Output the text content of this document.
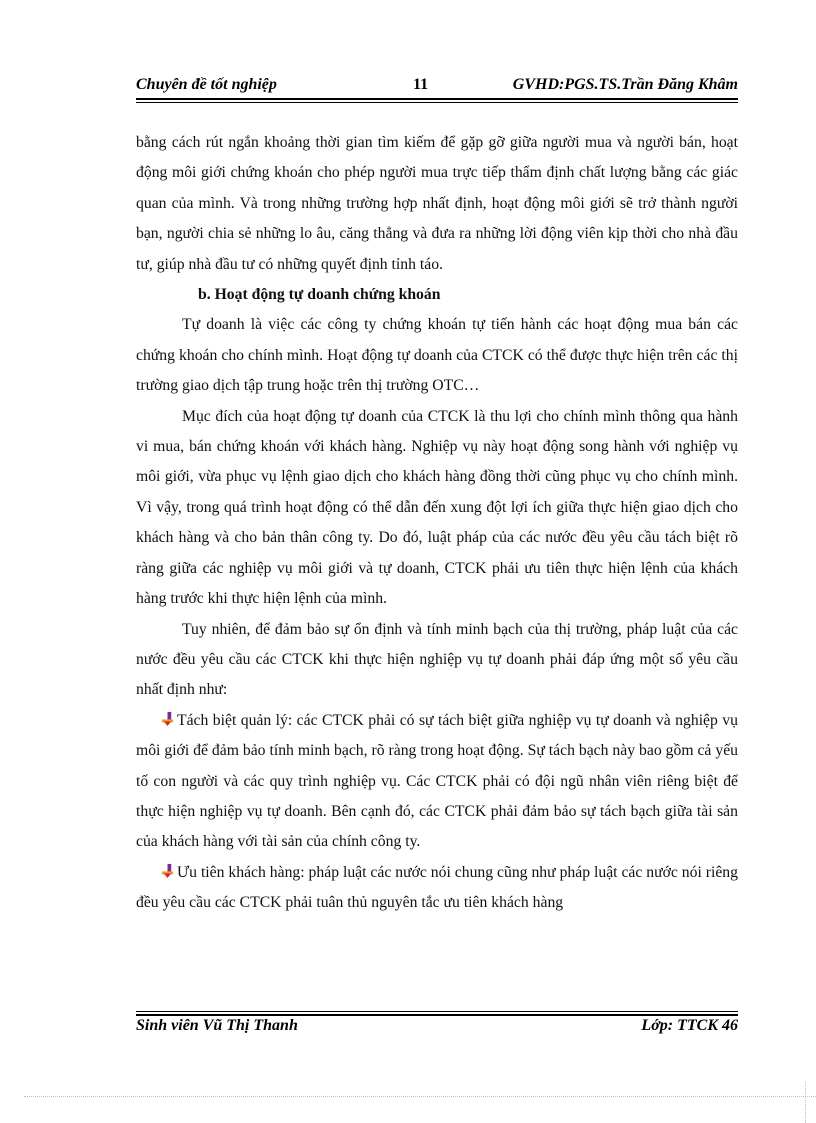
Chuyên đề tốt nghiệp	11	GVHD:PGS.TS.Trần Đăng Khâm

bằng cách rút ngắn khoảng thời gian tìm kiếm để gặp gỡ giữa người mua và người bán, hoạt động môi giới chứng khoán cho phép người mua trực tiếp thẩm định chất lượng bằng các giác quan của mình. Và trong những trường hợp nhất định, hoạt động môi giới sẽ trở thành người bạn, người chia sẻ những lo âu, căng thẳng và đưa ra những lời động viên kịp thời cho nhà đầu tư, giúp nhà đầu tư có những quyết định tỉnh táo.

b. Hoạt động tự doanh chứng khoán

Tự doanh là việc các công ty chứng khoán tự tiến hành các hoạt động mua bán các chứng khoán cho chính mình. Hoạt động tự doanh của CTCK có thể được thực hiện trên các thị trường giao dịch tập trung hoặc trên thị trường OTC…

Mục đích của hoạt động tự doanh của CTCK là thu lợi cho chính mình thông qua hành vi mua, bán chứng khoán với khách hàng. Nghiệp vụ này hoạt động song hành với nghiệp vụ môi giới, vừa phục vụ lệnh giao dịch cho khách hàng đồng thời cũng phục vụ cho chính mình. Vì vậy, trong quá trình hoạt động có thể dẫn đến xung đột lợi ích giữa thực hiện giao dịch cho khách hàng và cho bản thân công ty. Do đó, luật pháp của các nước đều yêu cầu tách biệt rõ ràng giữa các nghiệp vụ môi giới và tự doanh, CTCK phải ưu tiên thực hiện lệnh của khách hàng trước khi thực hiện lệnh của mình.

Tuy nhiên, để đảm bảo sự ổn định và tính minh bạch của thị trường, pháp luật của các nước đều yêu cầu các CTCK khi thực hiện nghiệp vụ tự doanh phải đáp ứng một số yêu cầu nhất định như:

Tách biệt quản lý: các CTCK phải có sự tách biệt giữa nghiệp vụ tự doanh và nghiệp vụ môi giới để đảm bảo tính minh bạch, rõ ràng trong hoạt động. Sự tách bạch này bao gồm cả yếu tố con người và các quy trình nghiệp vụ. Các CTCK phải có đội ngũ nhân viên riêng biệt để thực hiện nghiệp vụ tự doanh. Bên cạnh đó, các CTCK phải đảm bảo sự tách bạch giữa tài sản của khách hàng với tài sản của chính công ty.

Ưu tiên khách hàng: pháp luật các nước nói chung cũng như pháp luật các nước nói riêng đều yêu cầu các CTCK phải tuân thủ nguyên tắc ưu tiên khách hàng

Sinh viên Vũ Thị Thanh	Lớp: TTCK 46
